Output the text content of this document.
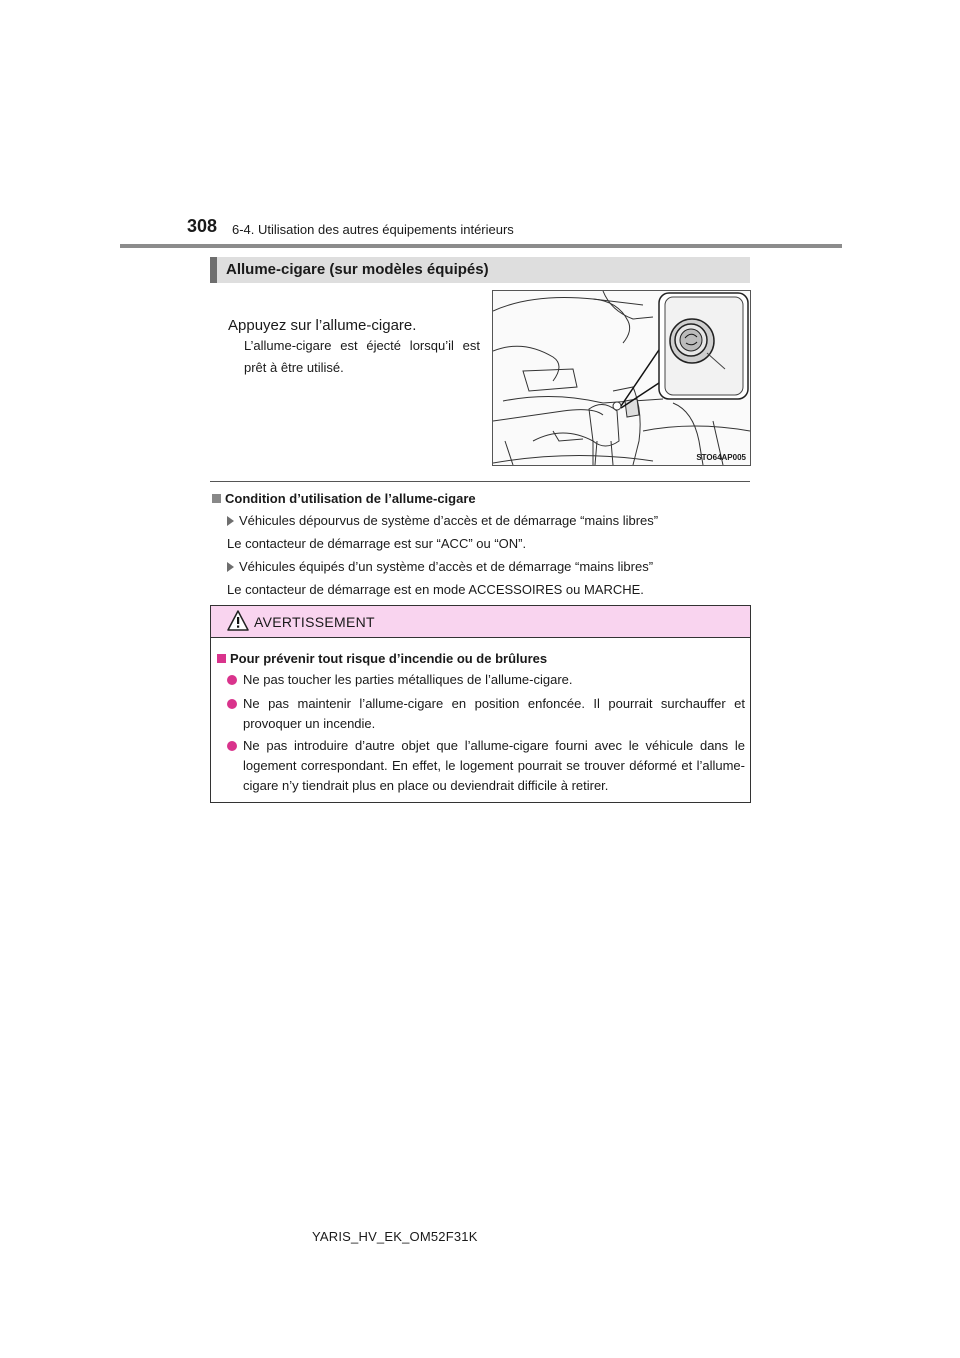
308 6-4. Utilisation des autres équipements intérieurs
Allume-cigare (sur modèles équipés)
Appuyez sur l’allume-cigare.

L’allume-cigare est éjecté lorsqu’il est prêt à être utilisé.

STO64AP005
Condition d’utilisation de l’allume-cigare
Véhicules dépourvus de système d’accès et de démarrage “mains libres”
Le contacteur de démarrage est sur “ACC” ou “ON”.
Véhicules équipés d’un système d’accès et de démarrage “mains libres”
Le contacteur de démarrage est en mode ACCESSOIRES ou MARCHE.
AVERTISSEMENT
Pour prévenir tout risque d’incendie ou de brûlures

Ne pas toucher les parties métalliques de l’allume-cigare.

Ne pas maintenir l’allume-cigare en position enfoncée. Il pourrait surchauffer et provoquer un incendie.

Ne pas introduire d’autre objet que l’allume-cigare fourni avec le véhicule dans le logement correspondant. En effet, le logement pourrait se trouver déformé et l’allume-cigare n’y tiendrait plus en place ou deviendrait difficile à retirer.

YARIS_HV_EK_OM52F31K
